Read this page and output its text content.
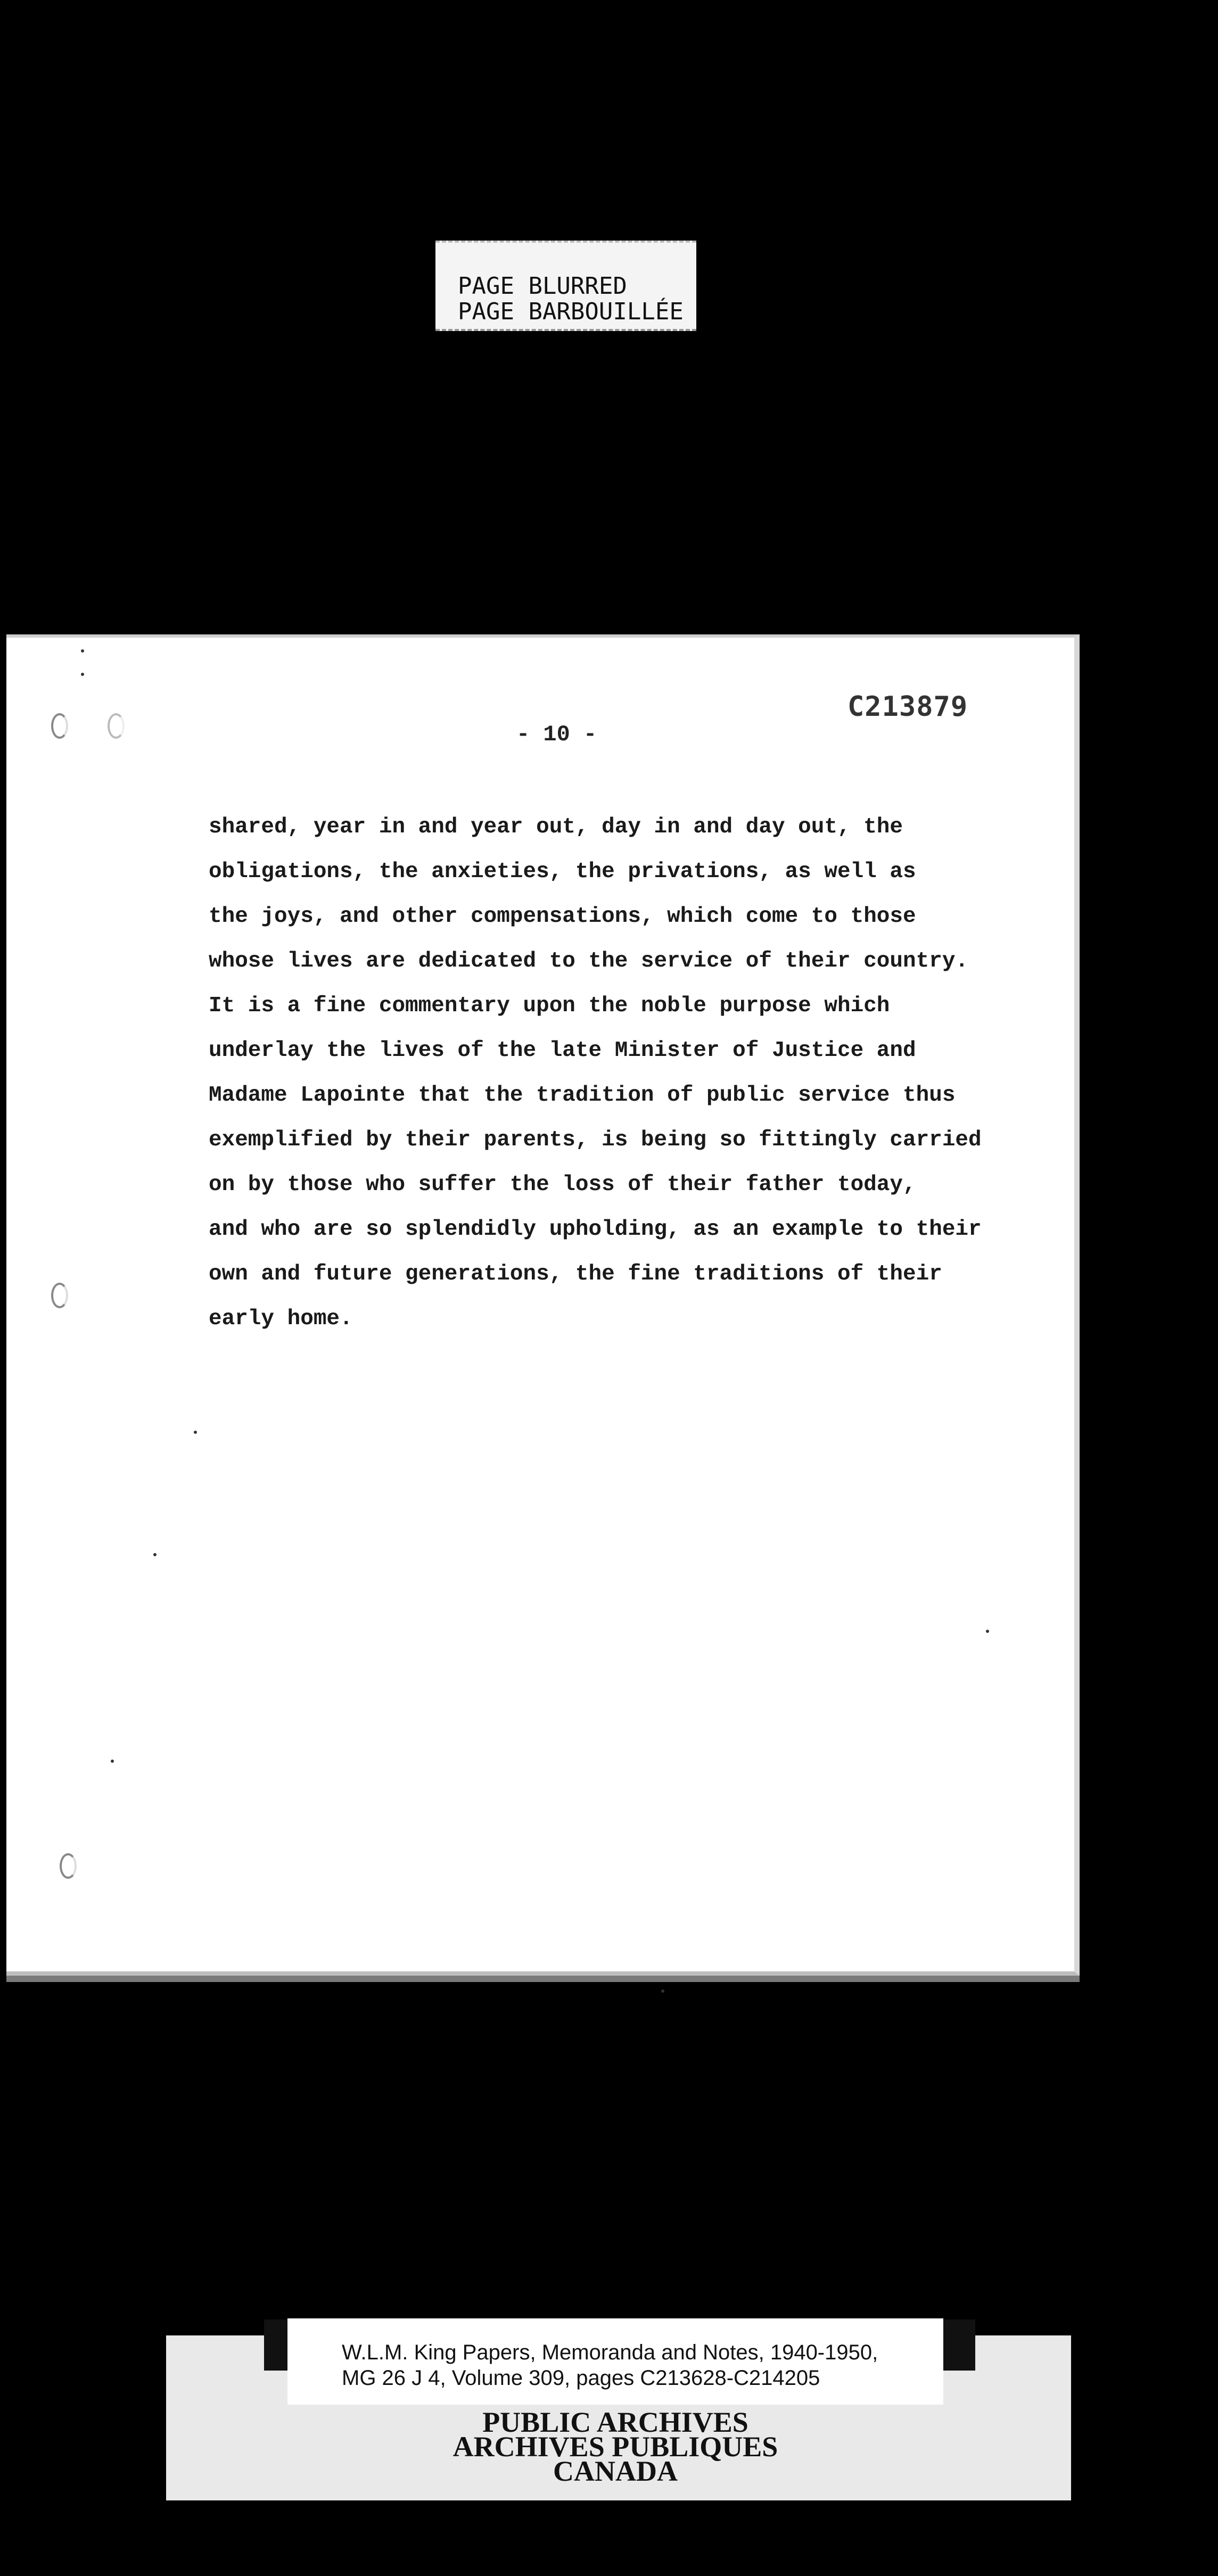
PAGE BLURRED
PAGE BARBOUILLÉE
C213879
- 10 -
shared, year in and year out, day in and day out, the
obligations, the anxieties, the privations, as well as
the joys, and other compensations, which come to those
whose lives are dedicated to the service of their country.
It is a fine commentary upon the noble purpose which
underlay the lives of the late Minister of Justice and
Madame Lapointe that the tradition of public service thus
exemplified by their parents, is being so fittingly carried
on by those who suffer the loss of their father today,
and who are so splendidly upholding, as an example to their
own and future generations, the fine traditions of their
early home.
W.L.M. King Papers, Memoranda and Notes, 1940-1950,
MG 26 J 4, Volume 309, pages C213628-C214205
PUBLIC ARCHIVES
ARCHIVES PUBLIQUES
CANADA
